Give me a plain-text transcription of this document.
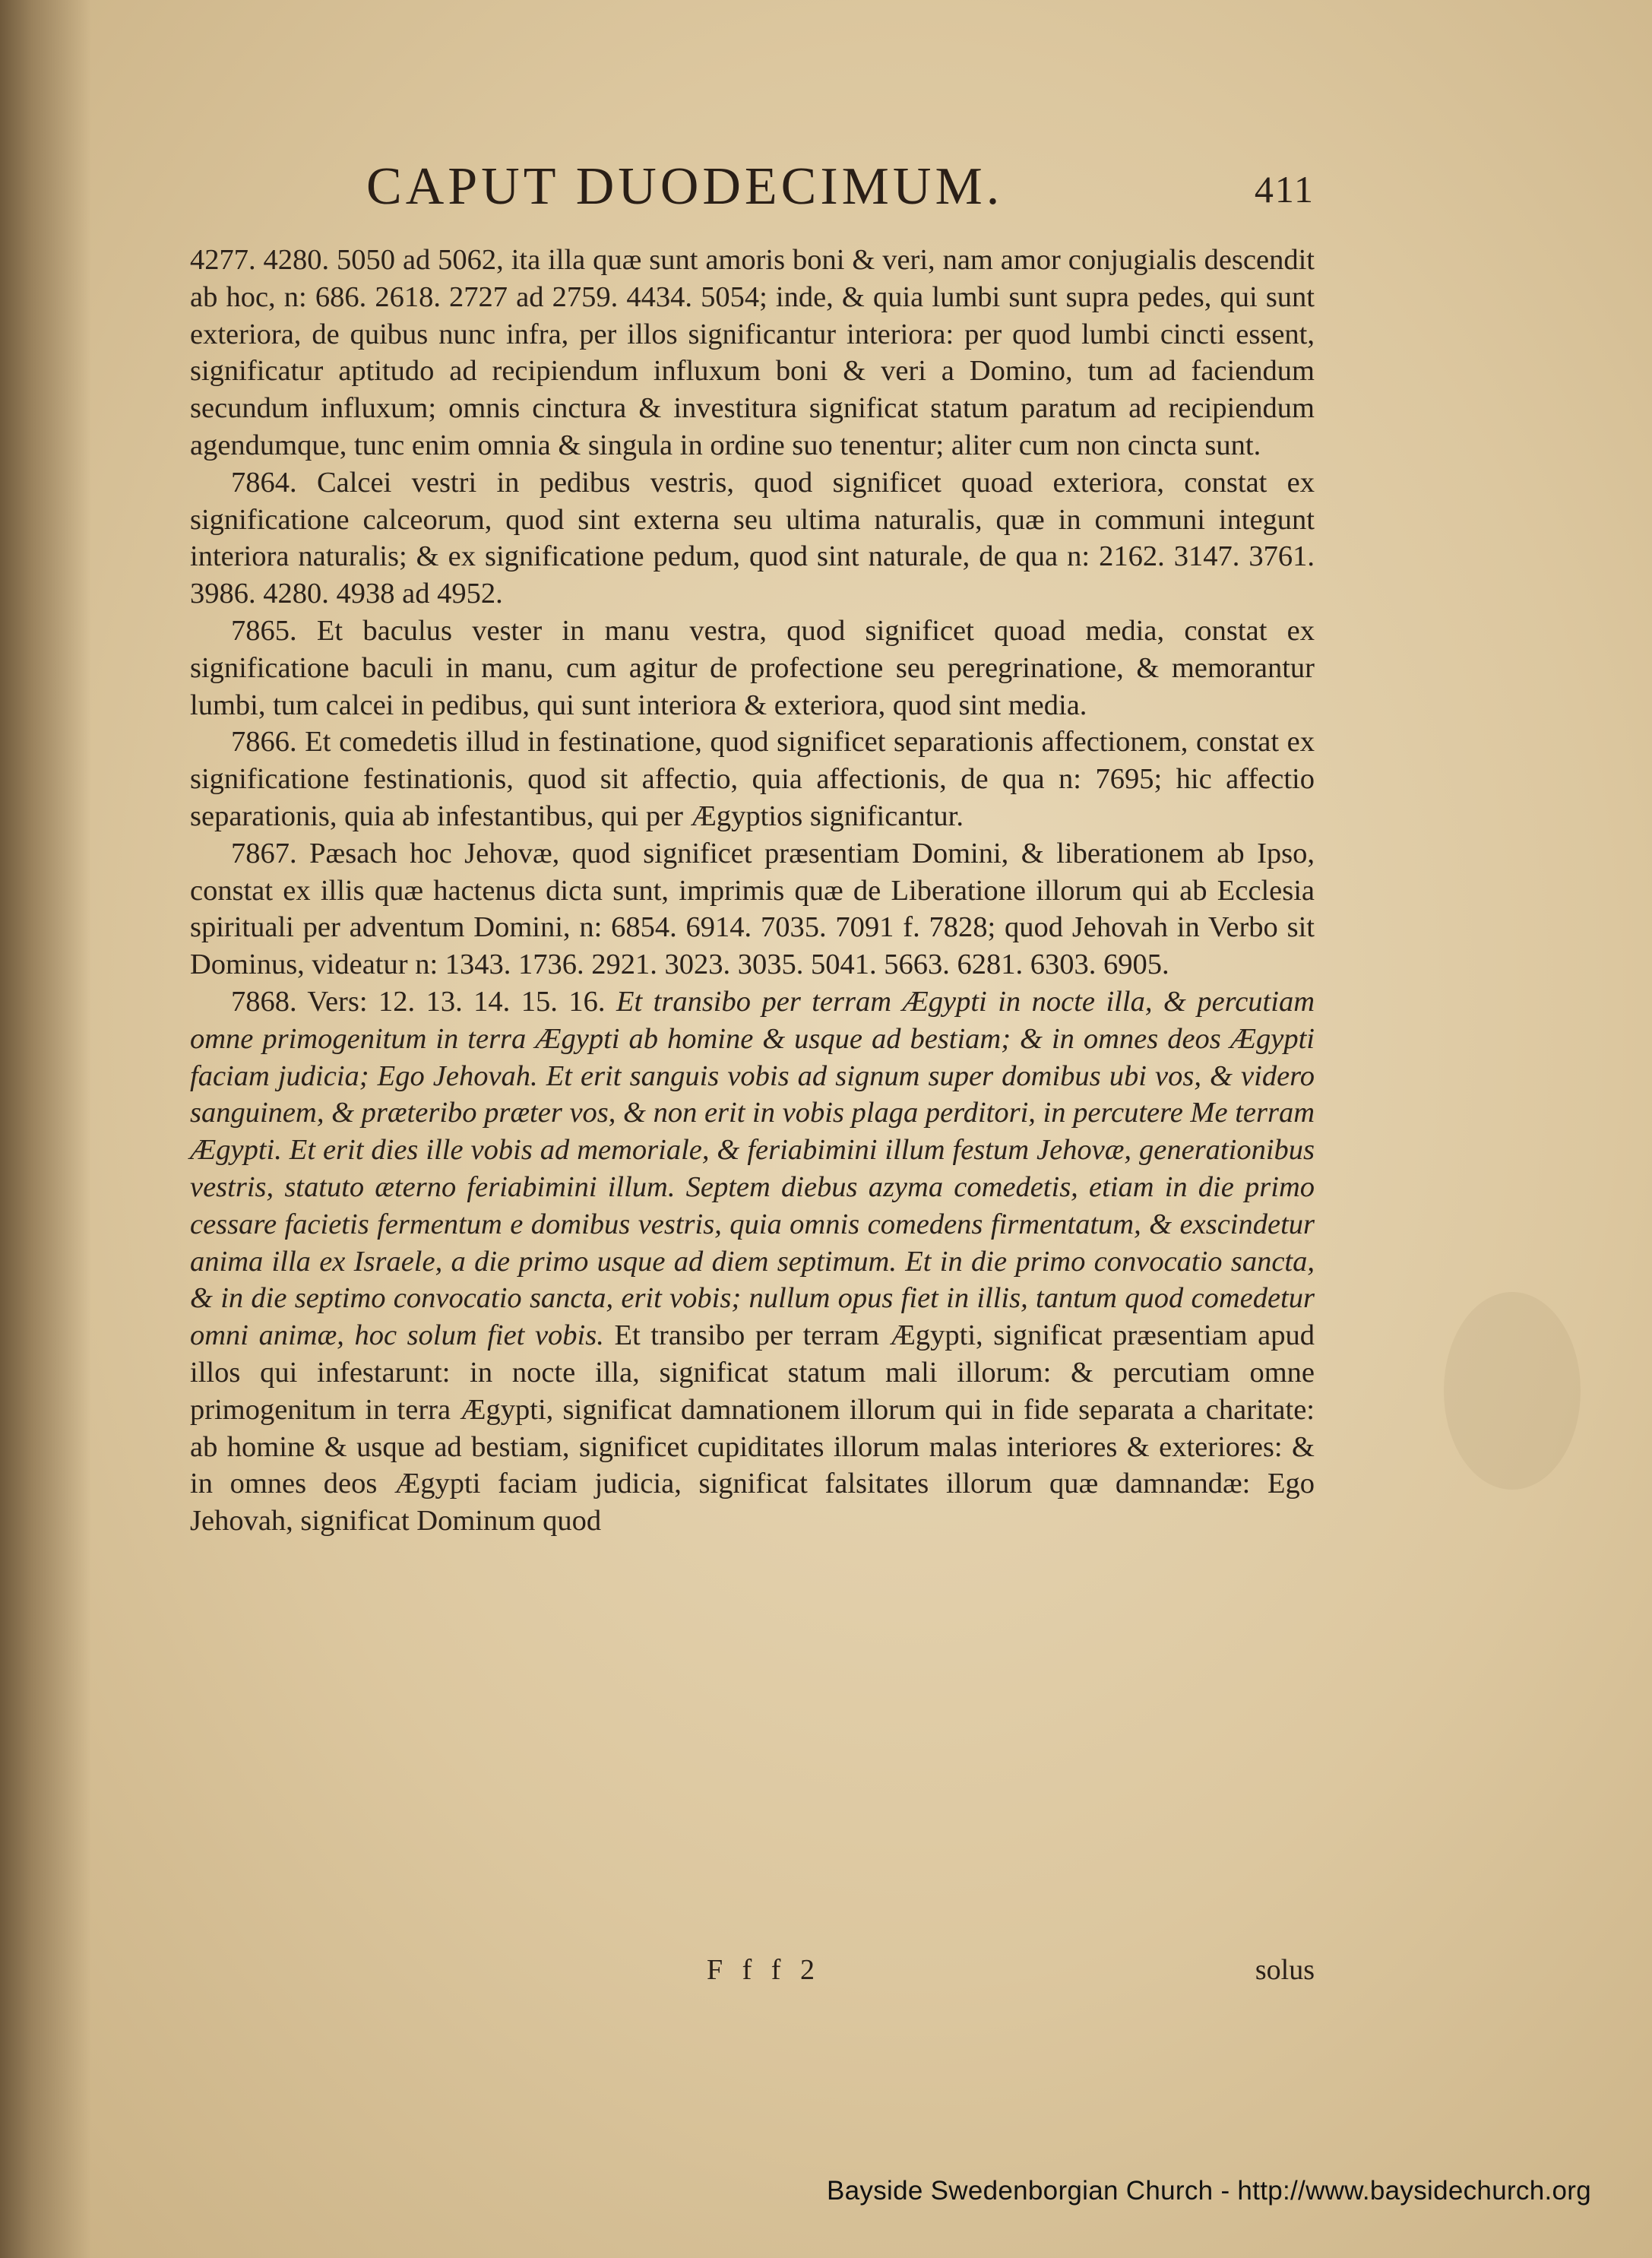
CAPUT DUODECIMUM.	411

4277. 4280. 5050 ad 5062, ita illa quæ sunt amoris boni & veri, nam amor conjugialis descendit ab hoc, n: 686. 2618. 2727 ad 2759. 4434. 5054; inde, & quia lumbi sunt supra pedes, qui sunt exteriora, de quibus nunc infra, per illos significantur interiora: per quod lumbi cincti essent, significatur aptitudo ad recipiendum influxum boni & veri a Domino, tum ad faciendum secundum influxum; omnis cinctura & investitura significat statum paratum ad recipiendum agendumque, tunc enim omnia & singula in ordine suo tenentur; aliter cum non cincta sunt.

7864. Calcei vestri in pedibus vestris, quod significet quoad exteriora, constat ex significatione calceorum, quod sint externa seu ultima naturalis, quæ in communi integunt interiora naturalis; & ex significatione pedum, quod sint naturale, de qua n: 2162. 3147. 3761. 3986. 4280. 4938 ad 4952.

7865. Et baculus vester in manu vestra, quod significet quoad media, constat ex significatione baculi in manu, cum agitur de profectione seu peregrinatione, & memorantur lumbi, tum calcei in pedibus, qui sunt interiora & exteriora, quod sint media.

7866. Et comedetis illud in festinatione, quod significet separationis affectionem, constat ex significatione festinationis, quod sit affectio, quia affectionis, de qua n: 7695; hic affectio separationis, quia ab infestantibus, qui per Ægyptios significantur.

7867. Pæsach hoc Jehovæ, quod significet præsentiam Domini, & liberationem ab Ipso, constat ex illis quæ hactenus dicta sunt, imprimis quæ de Liberatione illorum qui ab Ecclesia spirituali per adventum Domini, n: 6854. 6914. 7035. 7091 f. 7828; quod Jehovah in Verbo sit Dominus, videatur n: 1343. 1736. 2921. 3023. 3035. 5041. 5663. 6281. 6303. 6905.

7868. Vers: 12. 13. 14. 15. 16. Et transibo per terram Ægypti in nocte illa, & percutiam omne primogenitum in terra Ægypti ab homine & usque ad bestiam; & in omnes deos Ægypti faciam judicia; Ego Jehovah. Et erit sanguis vobis ad signum super domibus ubi vos, & videro sanguinem, & præteribo præter vos, & non erit in vobis plaga perditori, in percutere Me terram Ægypti. Et erit dies ille vobis ad memoriale, & feriabimini illum festum Jehovæ, generationibus vestris, statuto æterno feriabimini illum. Septem diebus azyma comedetis, etiam in die primo cessare facietis fermentum e domibus vestris, quia omnis comedens firmentatum, & exscindetur anima illa ex Israele, a die primo usque ad diem septimum. Et in die primo convocatio sancta, & in die septimo convocatio sancta, erit vobis; nullum opus fiet in illis, tantum quod comedetur omni animæ, hoc solum fiet vobis. Et transibo per terram Ægypti, significat præsentiam apud illos qui infestarunt: in nocte illa, significat statum mali illorum: & percutiam omne primogenitum in terra Ægypti, significat damnationem illorum qui in fide separata a charitate: ab homine & usque ad bestiam, significet cupiditates illorum malas interiores & exteriores: & in omnes deos Ægypti faciam judicia, significat falsitates illorum quæ damnandæ: Ego Jehovah, significat Dominum quod

F f f 2	solus
Bayside Swedenborgian Church - http://www.baysidechurch.org
